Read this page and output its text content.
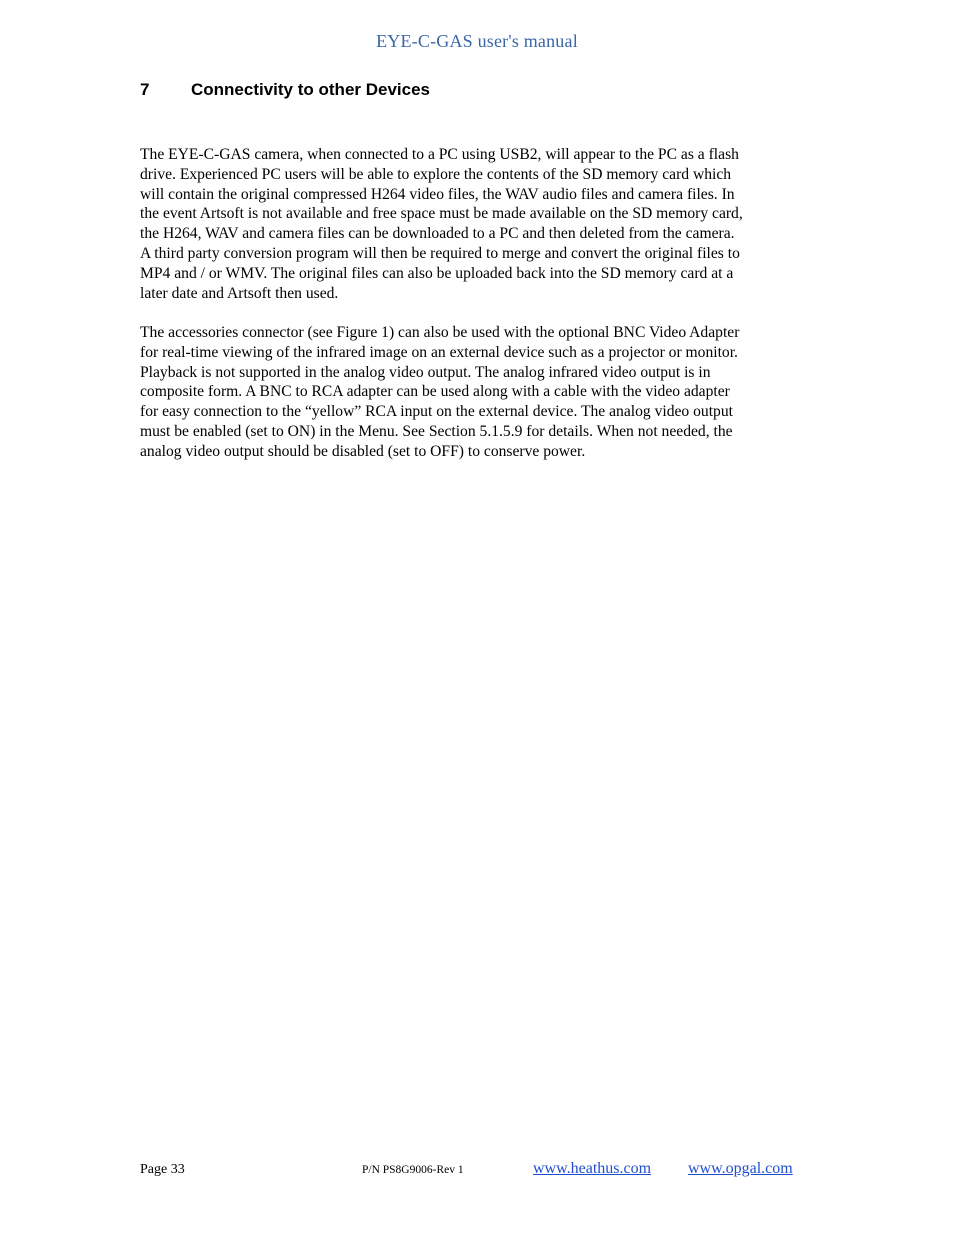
EYE-C-GAS user's manual
7 Connectivity to other Devices

The EYE-C-GAS camera, when connected to a PC using USB2, will appear to the PC as a flash
drive. Experienced PC users will be able to explore the contents of the SD memory card which
will contain the original compressed H264 video files, the WAV audio files and camera files. In
the event Artsoft is not available and free space must be made available on the SD memory card,
the H264, WAV and camera files can be downloaded to a PC and then deleted from the camera.
A third party conversion program will then be required to merge and convert the original files to
MP4 and / or WMV. The original files can also be uploaded back into the SD memory card at a
later date and Artsoft then used.

The accessories connector (see Figure 1) can also be used with the optional BNC Video Adapter
for real-time viewing of the infrared image on an external device such as a projector or monitor.
Playback is not supported in the analog video output. The analog infrared video output is in
composite form. A BNC to RCA adapter can be used along with a cable with the video adapter
for easy connection to the “yellow” RCA input on the external device. The analog video output
must be enabled (set to ON) in the Menu. See Section 5.1.5.9 for details. When not needed, the
analog video output should be disabled (set to OFF) to conserve power.

Page 33	P/N PS8G9006-Rev 1	www.heathus.com www.opgal.com
